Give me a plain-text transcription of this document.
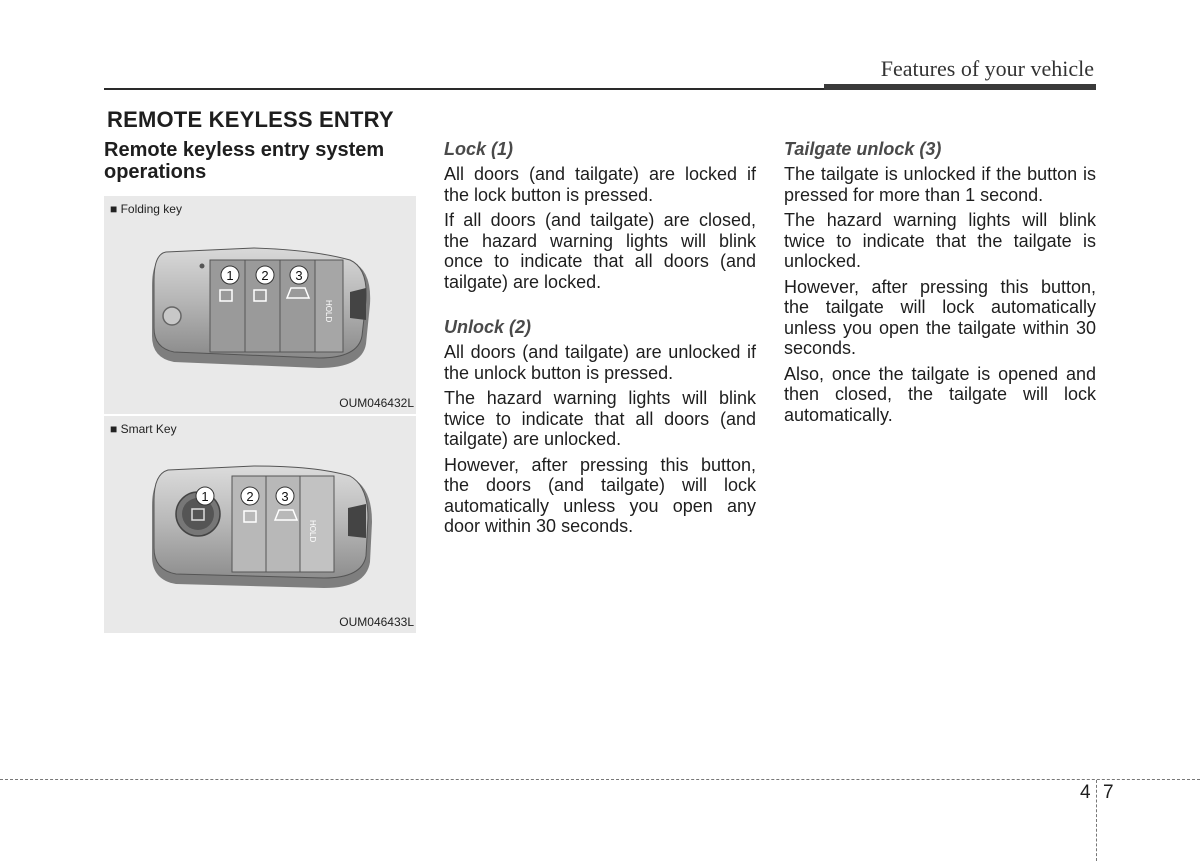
Features of your vehicle
REMOTE KEYLESS ENTRY
Remote keyless entry system operations
1 2 3
HOLD
■ Folding key
OUM046432L
1	2 3
HOLD
■ Smart Key
OUM046433L
Lock (1)

All doors (and tailgate) are locked if the lock button is pressed.

If all doors (and tailgate) are closed, the hazard warning lights will blink once to indicate that all doors (and tailgate) are locked.

Unlock (2)

All doors (and tailgate) are unlocked if the unlock button is pressed.

The hazard warning lights will blink twice to indicate that all doors (and tailgate) are unlocked.

However, after pressing this button, the doors (and tailgate) will lock automatically unless you open any door within 30 seconds.

Tailgate unlock (3)

The tailgate is unlocked if the button is pressed for more than 1 second.

The hazard warning lights will blink twice to indicate that the tailgate is unlocked.

However, after pressing this button, the tailgate will lock automatically unless you open the tailgate within 30 seconds.

Also, once the tailgate is opened and then closed, the tailgate will lock automatically.

4 7
